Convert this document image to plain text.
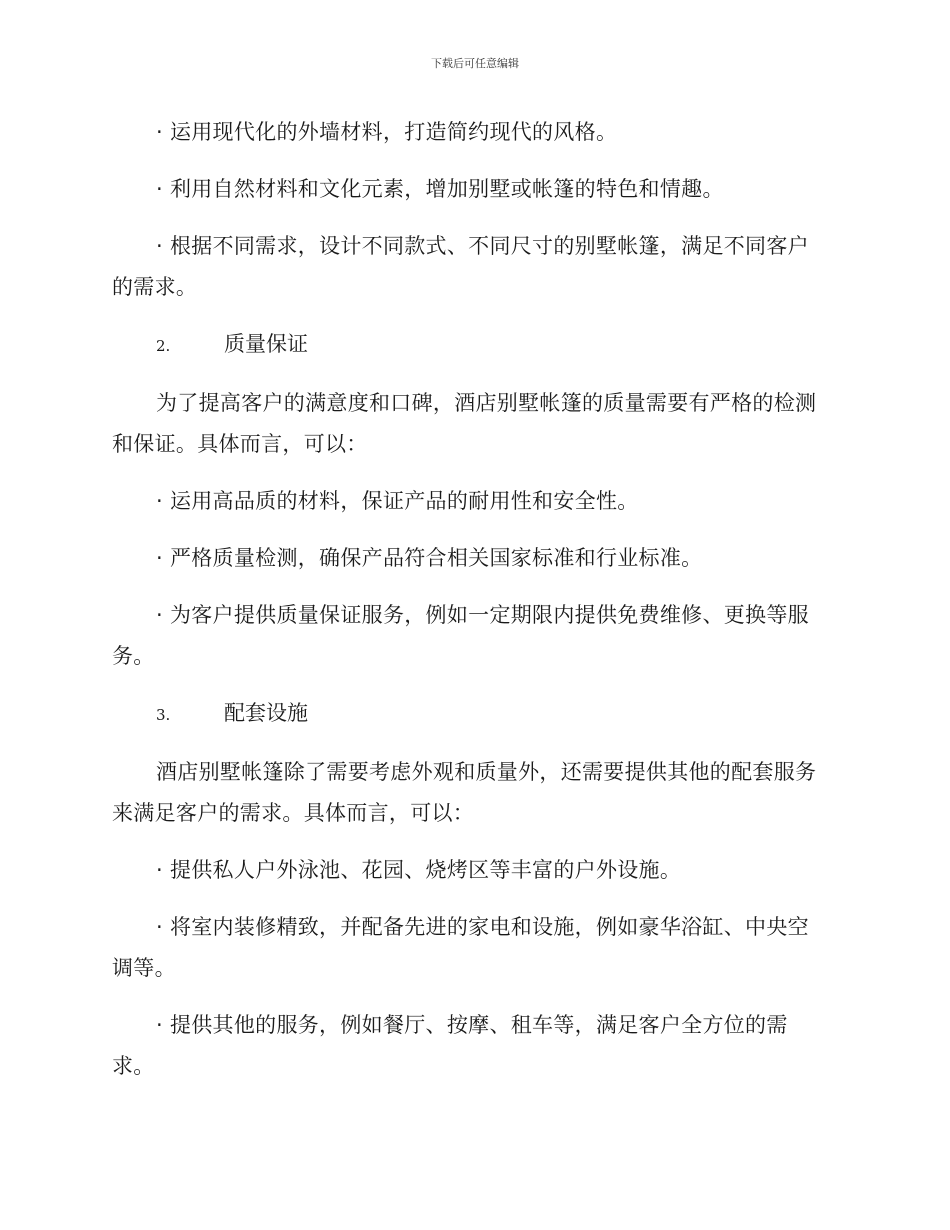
下载后可任意编辑

· 运用现代化的外墙材料，打造简约现代的风格。

· 利用自然材料和文化元素，增加别墅或帐篷的特色和情趣。

· 根据不同需求，设计不同款式、不同尺寸的别墅帐篷，满足不同客户的需求。

2.	质量保证

为了提高客户的满意度和口碑，酒店别墅帐篷的质量需要有严格的检测和保证。具体而言，可以：

· 运用高品质的材料，保证产品的耐用性和安全性。

· 严格质量检测，确保产品符合相关国家标准和行业标准。

· 为客户提供质量保证服务，例如一定期限内提供免费维修、更换等服务。

3.	配套设施

酒店别墅帐篷除了需要考虑外观和质量外，还需要提供其他的配套服务来满足客户的需求。具体而言，可以：

· 提供私人户外泳池、花园、烧烤区等丰富的户外设施。

· 将室内装修精致，并配备先进的家电和设施，例如豪华浴缸、中央空调等。

· 提供其他的服务，例如餐厅、按摩、租车等，满足客户全方位的需求。
